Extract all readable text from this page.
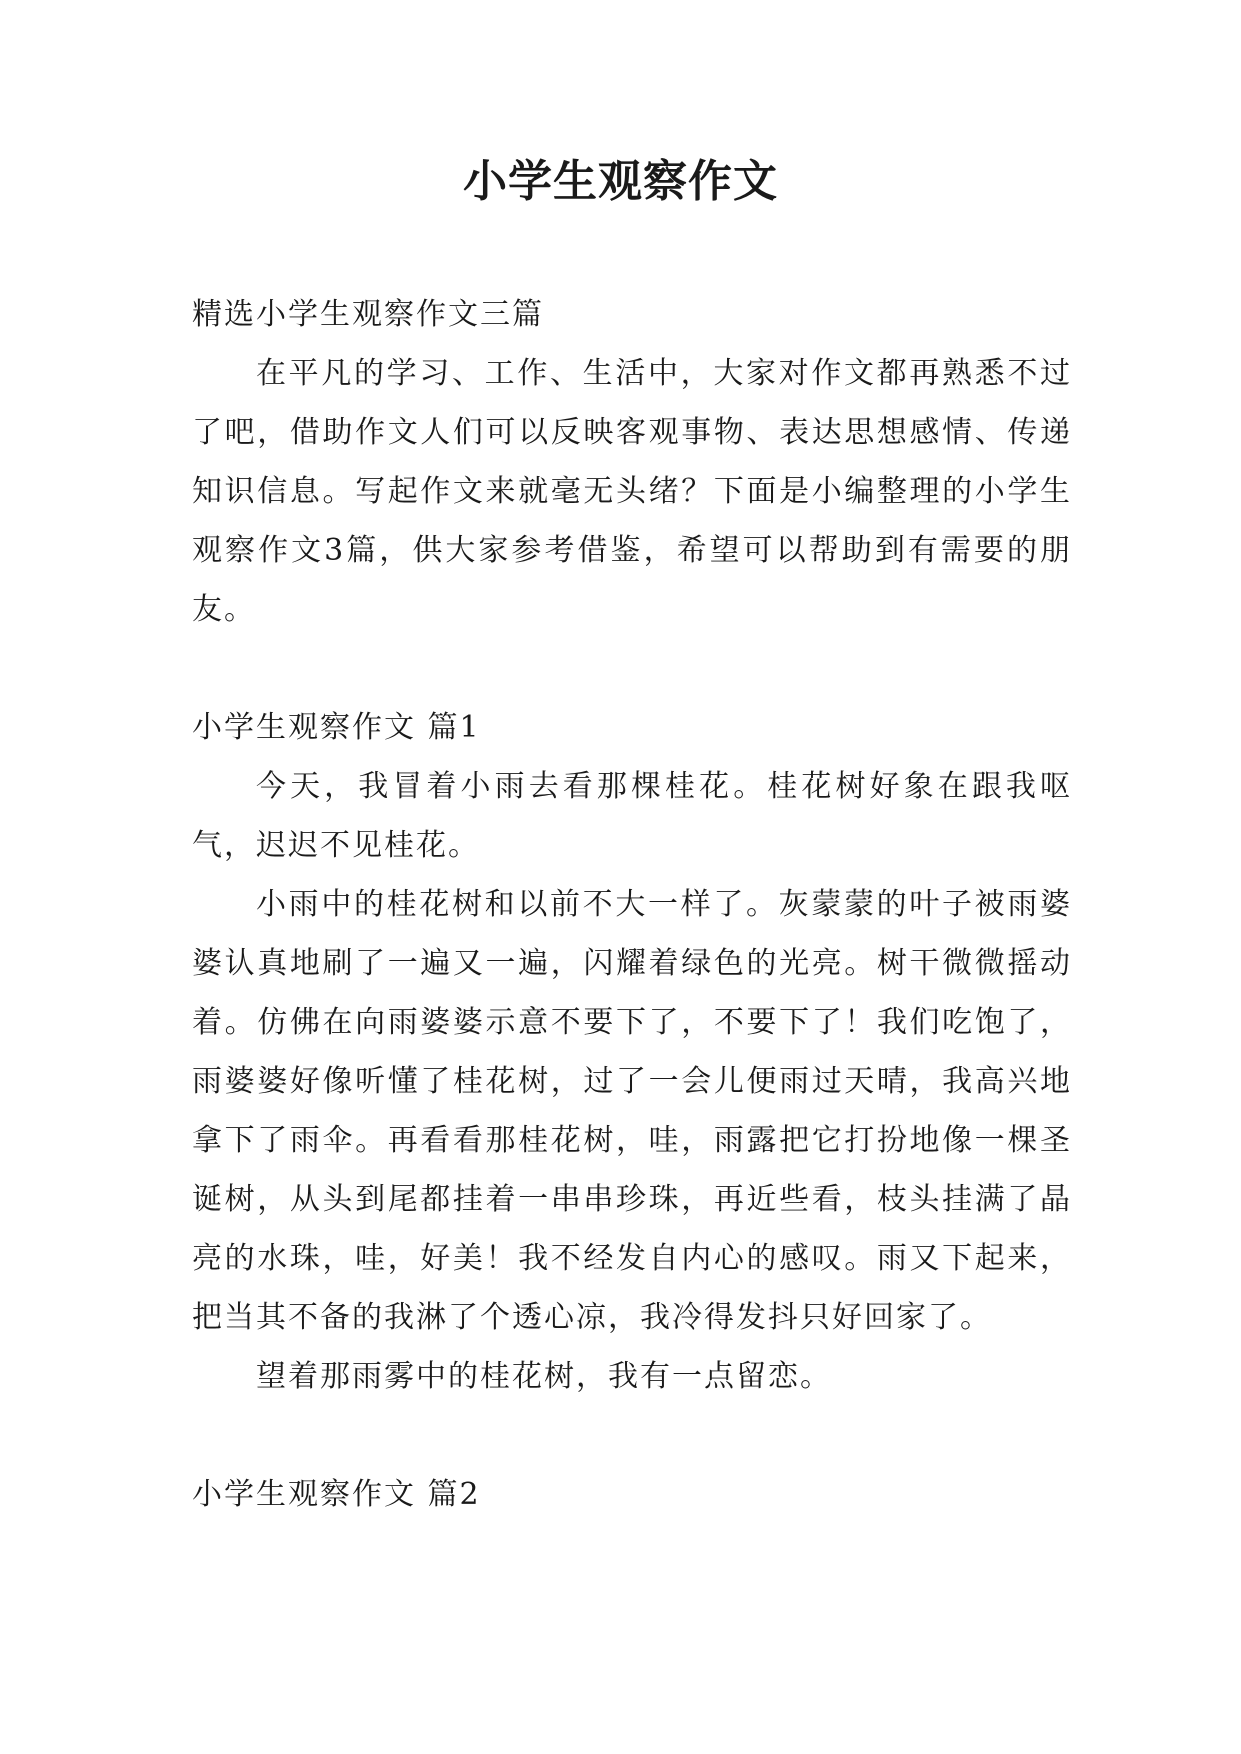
小学生观察作文

精选小学生观察作文三篇

在平凡的学习、工作、生活中，大家对作文都再熟悉不过了吧，借助作文人们可以反映客观事物、表达思想感情、传递知识信息。写起作文来就毫无头绪？下面是小编整理的小学生观察作文3篇，供大家参考借鉴，希望可以帮助到有需要的朋友。

小学生观察作文 篇1

今天，我冒着小雨去看那棵桂花。桂花树好象在跟我呕气，迟迟不见桂花。

小雨中的桂花树和以前不大一样了。灰蒙蒙的叶子被雨婆婆认真地刷了一遍又一遍，闪耀着绿色的光亮。树干微微摇动着。仿佛在向雨婆婆示意不要下了，不要下了！我们吃饱了，雨婆婆好像听懂了桂花树，过了一会儿便雨过天晴，我高兴地拿下了雨伞。再看看那桂花树，哇，雨露把它打扮地像一棵圣诞树，从头到尾都挂着一串串珍珠，再近些看，枝头挂满了晶亮的水珠，哇，好美！我不经发自内心的感叹。雨又下起来，把当其不备的我淋了个透心凉，我冷得发抖只好回家了。

望着那雨雾中的桂花树，我有一点留恋。

小学生观察作文 篇2
